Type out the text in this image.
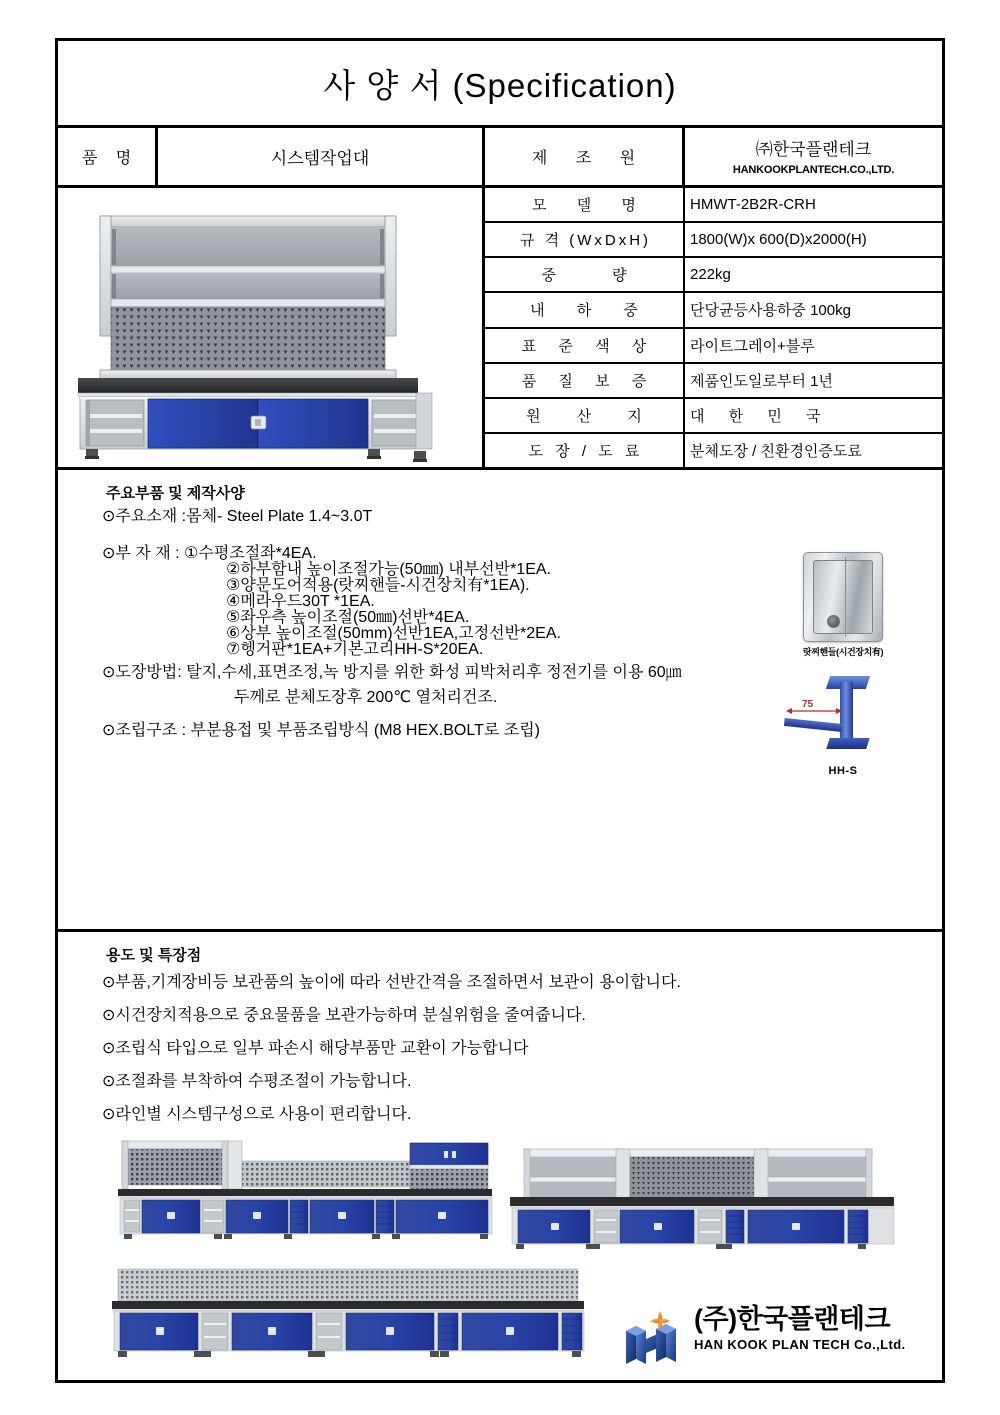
사 양 서 (Specification)
품 명	시스템작업대	제 조 원	㈜한국플랜테크
HANKOOKPLANTECH.CO.,LTD.
모 델 명	HMWT-2B2R-CRH
규 격 (WxDxH)	1800(W)x 600(D)x2000(H)
중 량	222kg
내 하 중	단당균등사용하중 100kg
표 준 색 상	라이트그레이+블루
품 질 보 증	제품인도일로부터 1년
원 산 지	대 한 민 국
도 장 / 도 료	분체도장 / 친환경인증도료
주요부품 및 제작사양
⊙주요소재 :몸체- Steel Plate 1.4~3.0T
⊙부 자 재 : ①수평조절좌*4EA.
②하부함내 높이조절가능(50㎜) 내부선반*1EA.
③양문도어적용(랏찌핸들-시건장치有*1EA).
④메라우드30T *1EA.
⑤좌우측 높이조절(50㎜)선반*4EA.
⑥상부 높이조절(50mm)선반1EA,고정선반*2EA.
⑦헹거판*1EA+기본고리HH-S*20EA.
⊙도장방법: 탈지,수세,표면조정,녹 방지를 위한 화성 피박처리후 정전기를 이용 60㎛
두께로 분체도장후 200℃ 열처리건조.
⊙조립구조 : 부분용접 및 부품조립방식 (M8 HEX.BOLT로 조립)
랏찌핸들(시건장치有)
75
HH-S
용도 및 특장점
⊙부품,기계장비등 보관품의 높이에 따라 선반간격을 조절하면서 보관이 용이합니다.
⊙시건장치적용으로 중요물품을 보관가능하며 분실위험을 줄여줍니다.
⊙조립식 타입으로 일부 파손시 해당부품만 교환이 가능합니다
⊙조절좌를 부착하여 수평조절이 가능합니다.
⊙라인별 시스템구성으로 사용이 편리합니다.
(주)한국플랜테크
HAN KOOK PLAN TECH Co.,Ltd.
